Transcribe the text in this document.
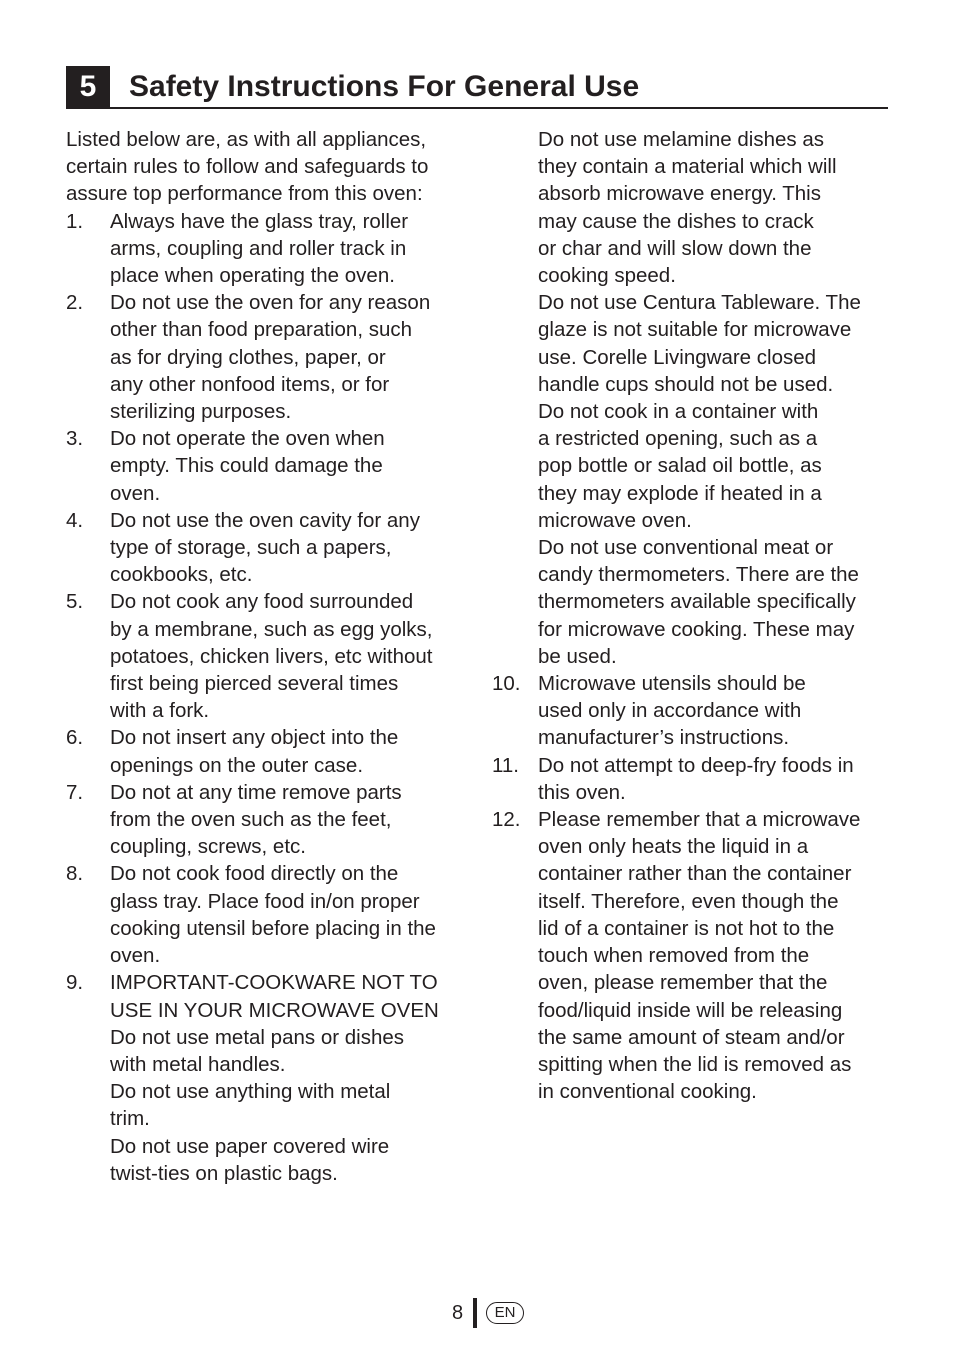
5	Safety Instructions For General Use
Listed below are, as with all appliances,
certain rules to follow and safeguards to
assure top performance from this oven:
1. Always have the glass tray, roller
arms, coupling and roller track in
place when operating the oven.
2. Do not use the oven for any reason
other than food preparation, such
as for drying clothes, paper, or
any other nonfood items, or for
sterilizing purposes.
3. Do not operate the oven when
empty. This could damage the
oven.
4. Do not use the oven cavity for any
type of storage, such a papers,
cookbooks, etc.
5. Do not cook any food surrounded
by a membrane, such as egg yolks,
potatoes, chicken livers, etc without
first being pierced several times
with a fork.
6. Do not insert any object into the
openings on the outer case.
7. Do not at any time remove parts
from the oven such as the feet,
coupling, screws, etc.
8. Do not cook food directly on the
glass tray. Place food in/on proper
cooking utensil before placing in the
oven.
9. IMPORTANT-COOKWARE NOT TO
USE IN YOUR MICROWAVE OVEN
Do not use metal pans or dishes
with metal handles.
Do not use anything with metal
trim.
Do not use paper covered wire
twist-ties on plastic bags.
Do not use melamine dishes as
they contain a material which will
absorb microwave energy. This
may cause the dishes to crack
or char and will slow down the
cooking speed.
Do not use Centura Tableware. The
glaze is not suitable for microwave
use. Corelle Livingware closed
handle cups should not be used.
Do not cook in a container with
a restricted opening, such as a
pop bottle or salad oil bottle, as
they may explode if heated in a
microwave oven.
Do not use conventional meat or
candy thermometers. There are the
thermometers available specifically
for microwave cooking. These may
be used.
10. Microwave utensils should be
used only in accordance with
manufacturer’s instructions.
11. Do not attempt to deep-fry foods in
this oven.
12. Please remember that a microwave
oven only heats the liquid in a
container rather than the container
itself. Therefore, even though the
lid of a container is not hot to the
touch when removed from the
oven, please remember that the
food/liquid inside will be releasing
the same amount of steam and/or
spitting when the lid is removed as
in conventional cooking.
8	EN
